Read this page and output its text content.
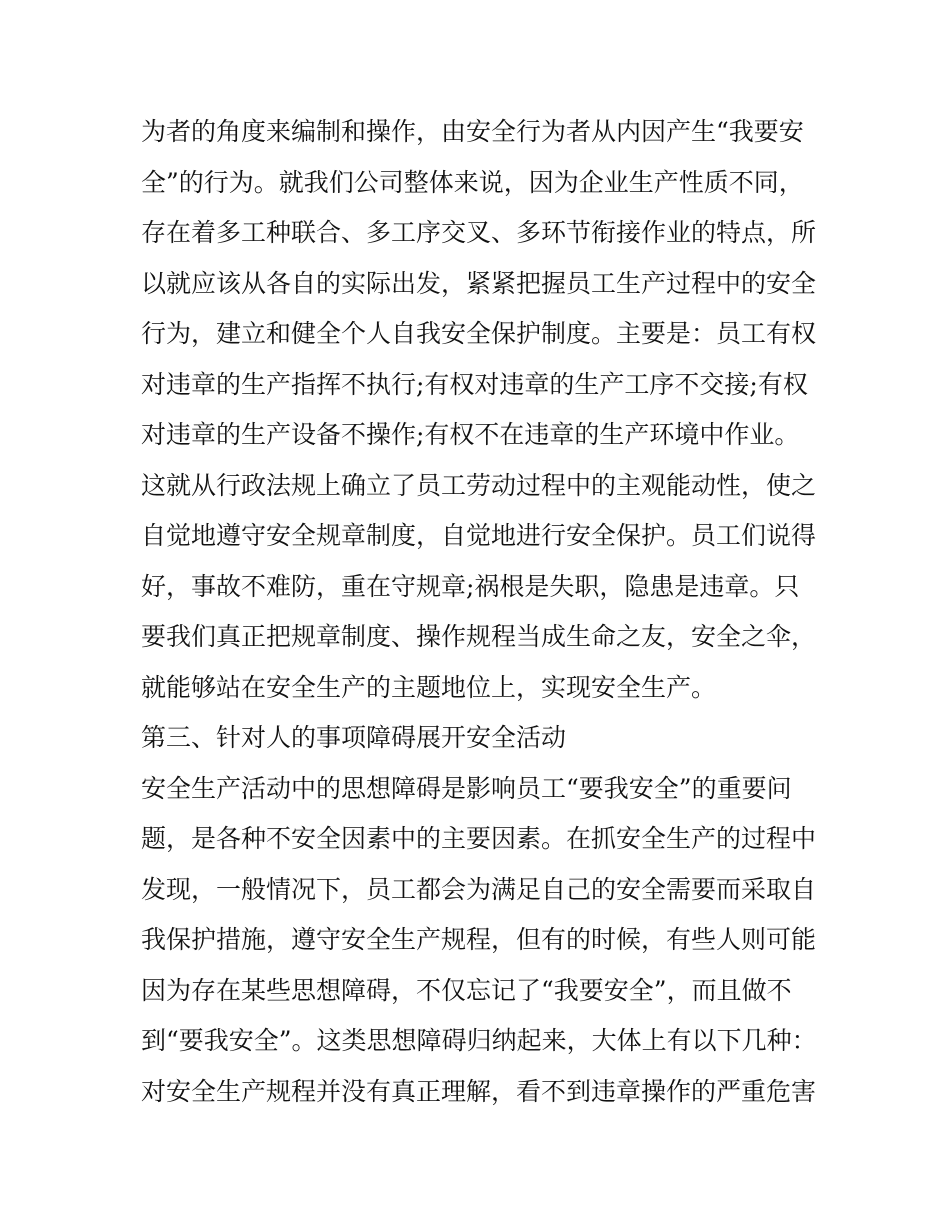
为者的角度来编制和操作，由安全行为者从内因产生“我要安
全”的行为。就我们公司整体来说，因为企业生产性质不同，
存在着多工种联合、多工序交叉、多环节衔接作业的特点，所
以就应该从各自的实际出发，紧紧把握员工生产过程中的安全
行为，建立和健全个人自我安全保护制度。主要是：员工有权
对违章的生产指挥不执行;有权对违章的生产工序不交接;有权
对违章的生产设备不操作;有权不在违章的生产环境中作业。
这就从行政法规上确立了员工劳动过程中的主观能动性，使之
自觉地遵守安全规章制度，自觉地进行安全保护。员工们说得
好，事故不难防，重在守规章;祸根是失职，隐患是违章。只
要我们真正把规章制度、操作规程当成生命之友，安全之伞，
就能够站在安全生产的主题地位上，实现安全生产。
第三、针对人的事项障碍展开安全活动
安全生产活动中的思想障碍是影响员工“要我安全”的重要问
题，是各种不安全因素中的主要因素。在抓安全生产的过程中
发现，一般情况下，员工都会为满足自己的安全需要而采取自
我保护措施，遵守安全生产规程，但有的时候，有些人则可能
因为存在某些思想障碍，不仅忘记了“我要安全”，而且做不
到“要我安全”。这类思想障碍归纳起来，大体上有以下几种：
对安全生产规程并没有真正理解，看不到违章操作的严重危害
